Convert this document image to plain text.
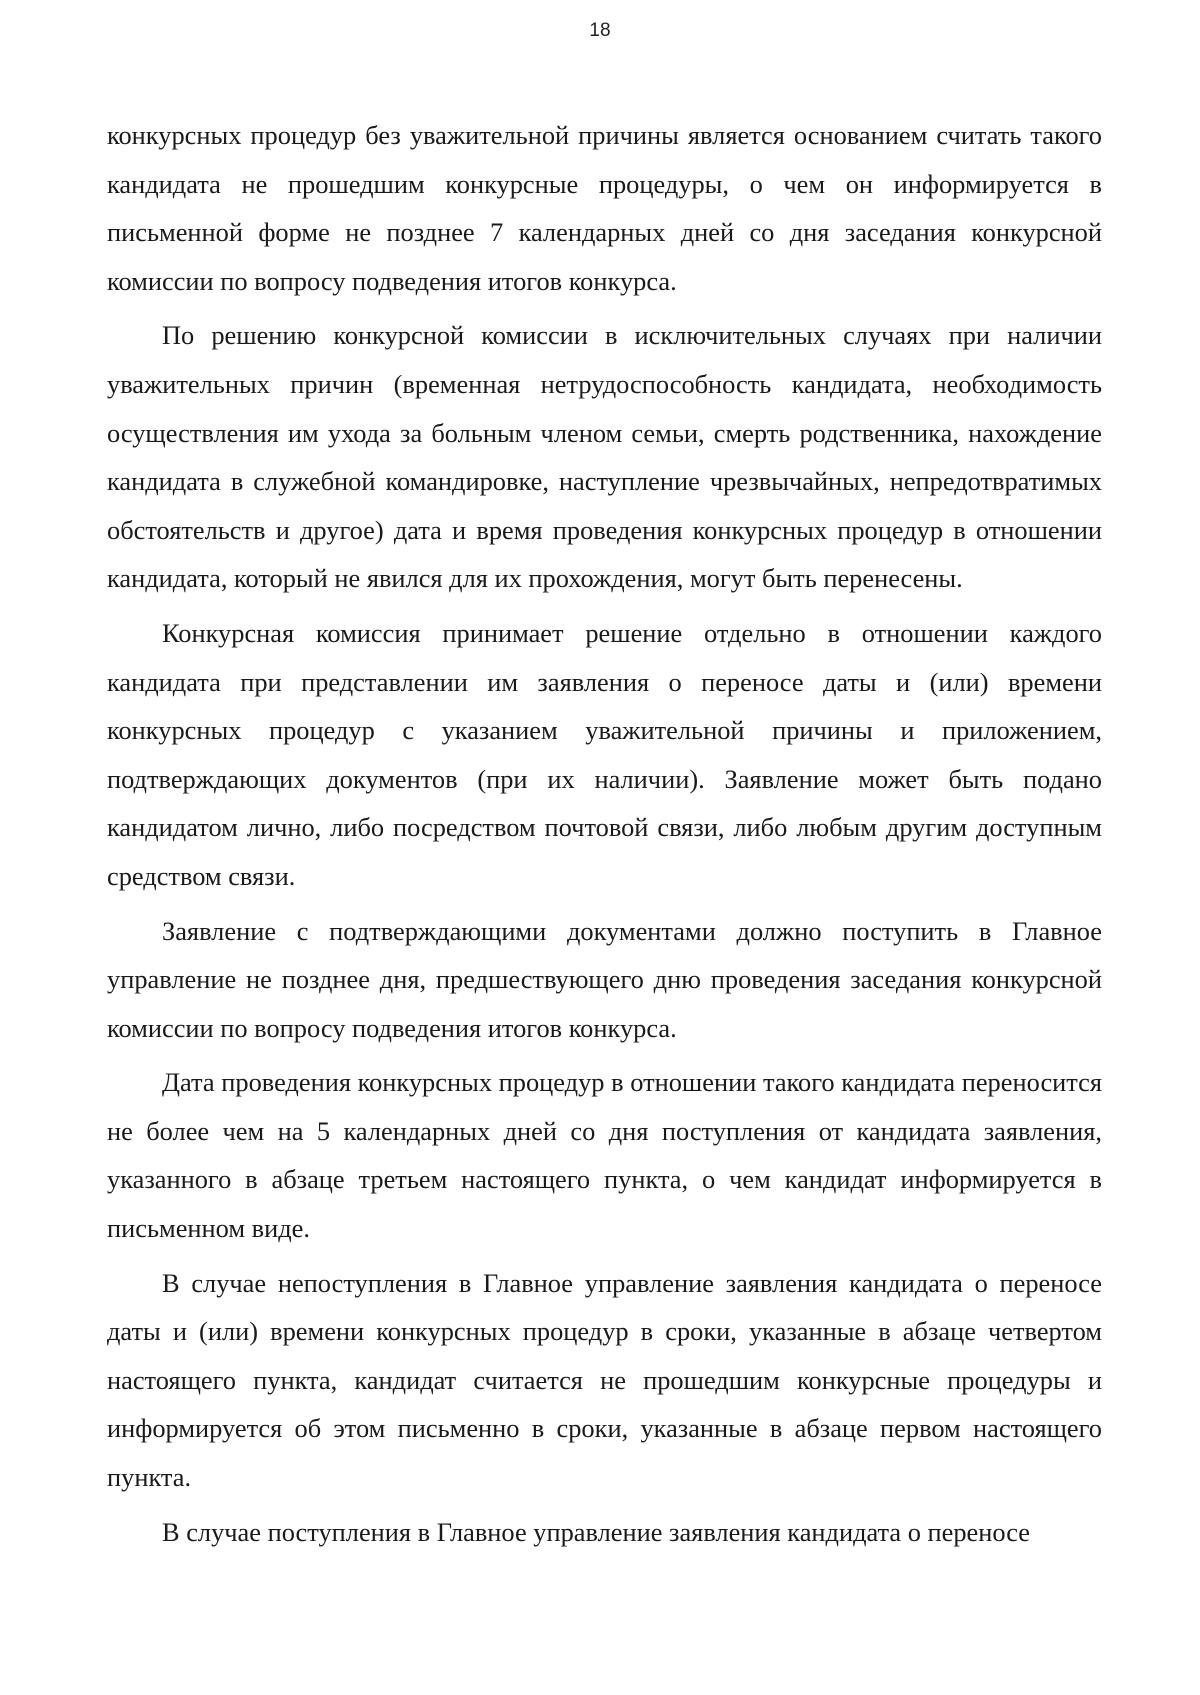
18

конкурсных процедур без уважительной причины является основанием считать такого кандидата не прошедшим конкурсные процедуры, о чем он информируется в письменной форме не позднее 7 календарных дней со дня заседания конкурсной комиссии по вопросу подведения итогов конкурса.

По решению конкурсной комиссии в исключительных случаях при наличии уважительных причин (временная нетрудоспособность кандидата, необходимость осуществления им ухода за больным членом семьи, смерть родственника, нахождение кандидата в служебной командировке, наступление чрезвычайных, непредотвратимых обстоятельств и другое) дата и время проведения конкурсных процедур в отношении кандидата, который не явился для их прохождения, могут быть перенесены.

Конкурсная комиссия принимает решение отдельно в отношении каждого кандидата при представлении им заявления о переносе даты и (или) времени конкурсных процедур с указанием уважительной причины и приложением, подтверждающих документов (при их наличии). Заявление может быть подано кандидатом лично, либо посредством почтовой связи, либо любым другим доступным средством связи.

Заявление с подтверждающими документами должно поступить в Главное управление не позднее дня, предшествующего дню проведения заседания конкурсной комиссии по вопросу подведения итогов конкурса.

Дата проведения конкурсных процедур в отношении такого кандидата переносится не более чем на 5 календарных дней со дня поступления от кандидата заявления, указанного в абзаце третьем настоящего пункта, о чем кандидат информируется в письменном виде.

В случае непоступления в Главное управление заявления кандидата о переносе даты и (или) времени конкурсных процедур в сроки, указанные в абзаце четвертом настоящего пункта, кандидат считается не прошедшим конкурсные процедуры и информируется об этом письменно в сроки, указанные в абзаце первом настоящего пункта.

В случае поступления в Главное управление заявления кандидата о переносе
